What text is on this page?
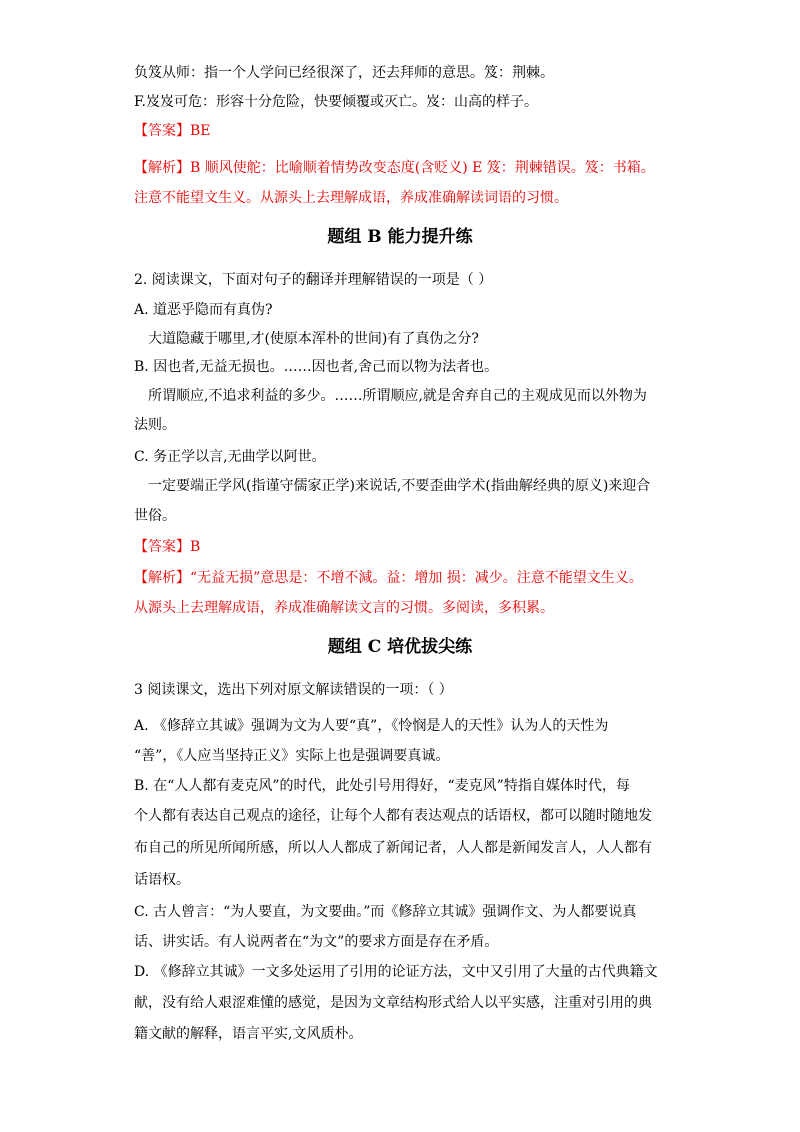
负笈从师：指一个人学问已经很深了，还去拜师的意思。笈：荆棘。
F.岌岌可危：形容十分危险，快要倾覆或灭亡。岌：山高的样子。
【答案】BE
【解析】B 顺风使舵：比喻顺着情势改变态度(含贬义) E 笈：荆棘错误。笈：书箱。
注意不能望文生义。从源头上去理解成语，养成准确解读词语的习惯。
题组 B 能力提升练
2. 阅读课文，下面对句子的翻译并理解错误的一项是（ ）
A. 道恶乎隐而有真伪?
大道隐藏于哪里,才(使原本浑朴的世间)有了真伪之分?
B. 因也者,无益无损也。……因也者,舍己而以物为法者也。
所谓顺应,不追求利益的多少。……所谓顺应,就是舍弃自己的主观成见而以外物为
法则。
C. 务正学以言,无曲学以阿世。
一定要端正学风(指谨守儒家正学)来说话,不要歪曲学术(指曲解经典的原义)来迎合
世俗。
【答案】B
【解析】“无益无损”意思是：不增不減。益：增加 损：减少。注意不能望文生义。
从源头上去理解成语，养成准确解读文言的习惯。多阅读，多积累。
题组 C 培优拔尖练
3 阅读课文，选出下列对原文解读错误的一项：（ ）
A. 《修辞立其诚》强调为文为人要“真”，《怜悯是人的天性》认为人的天性为
“善”，《人应当坚持正义》实际上也是强调要真诚。
B. 在“人人都有麦克风”的时代，此处引号用得好，“麦克风”特指自媒体时代，每
个人都有表达自己观点的途径，让每个人都有表达观点的话语权，都可以随时随地发
布自己的所见所闻所感，所以人人都成了新闻记者，人人都是新闻发言人，人人都有
话语权。
C. 古人曾言：“为人要直，为文要曲。”而《修辞立其诚》强调作文、为人都要说真
话、讲实话。有人说两者在“为文”的要求方面是存在矛盾。
D. 《修辞立其诚》一文多处运用了引用的论证方法，文中又引用了大量的古代典籍文
献，没有给人艰涩难懂的感觉，是因为文章结构形式给人以平实感，注重对引用的典
籍文献的解释，语言平实,文风质朴。
